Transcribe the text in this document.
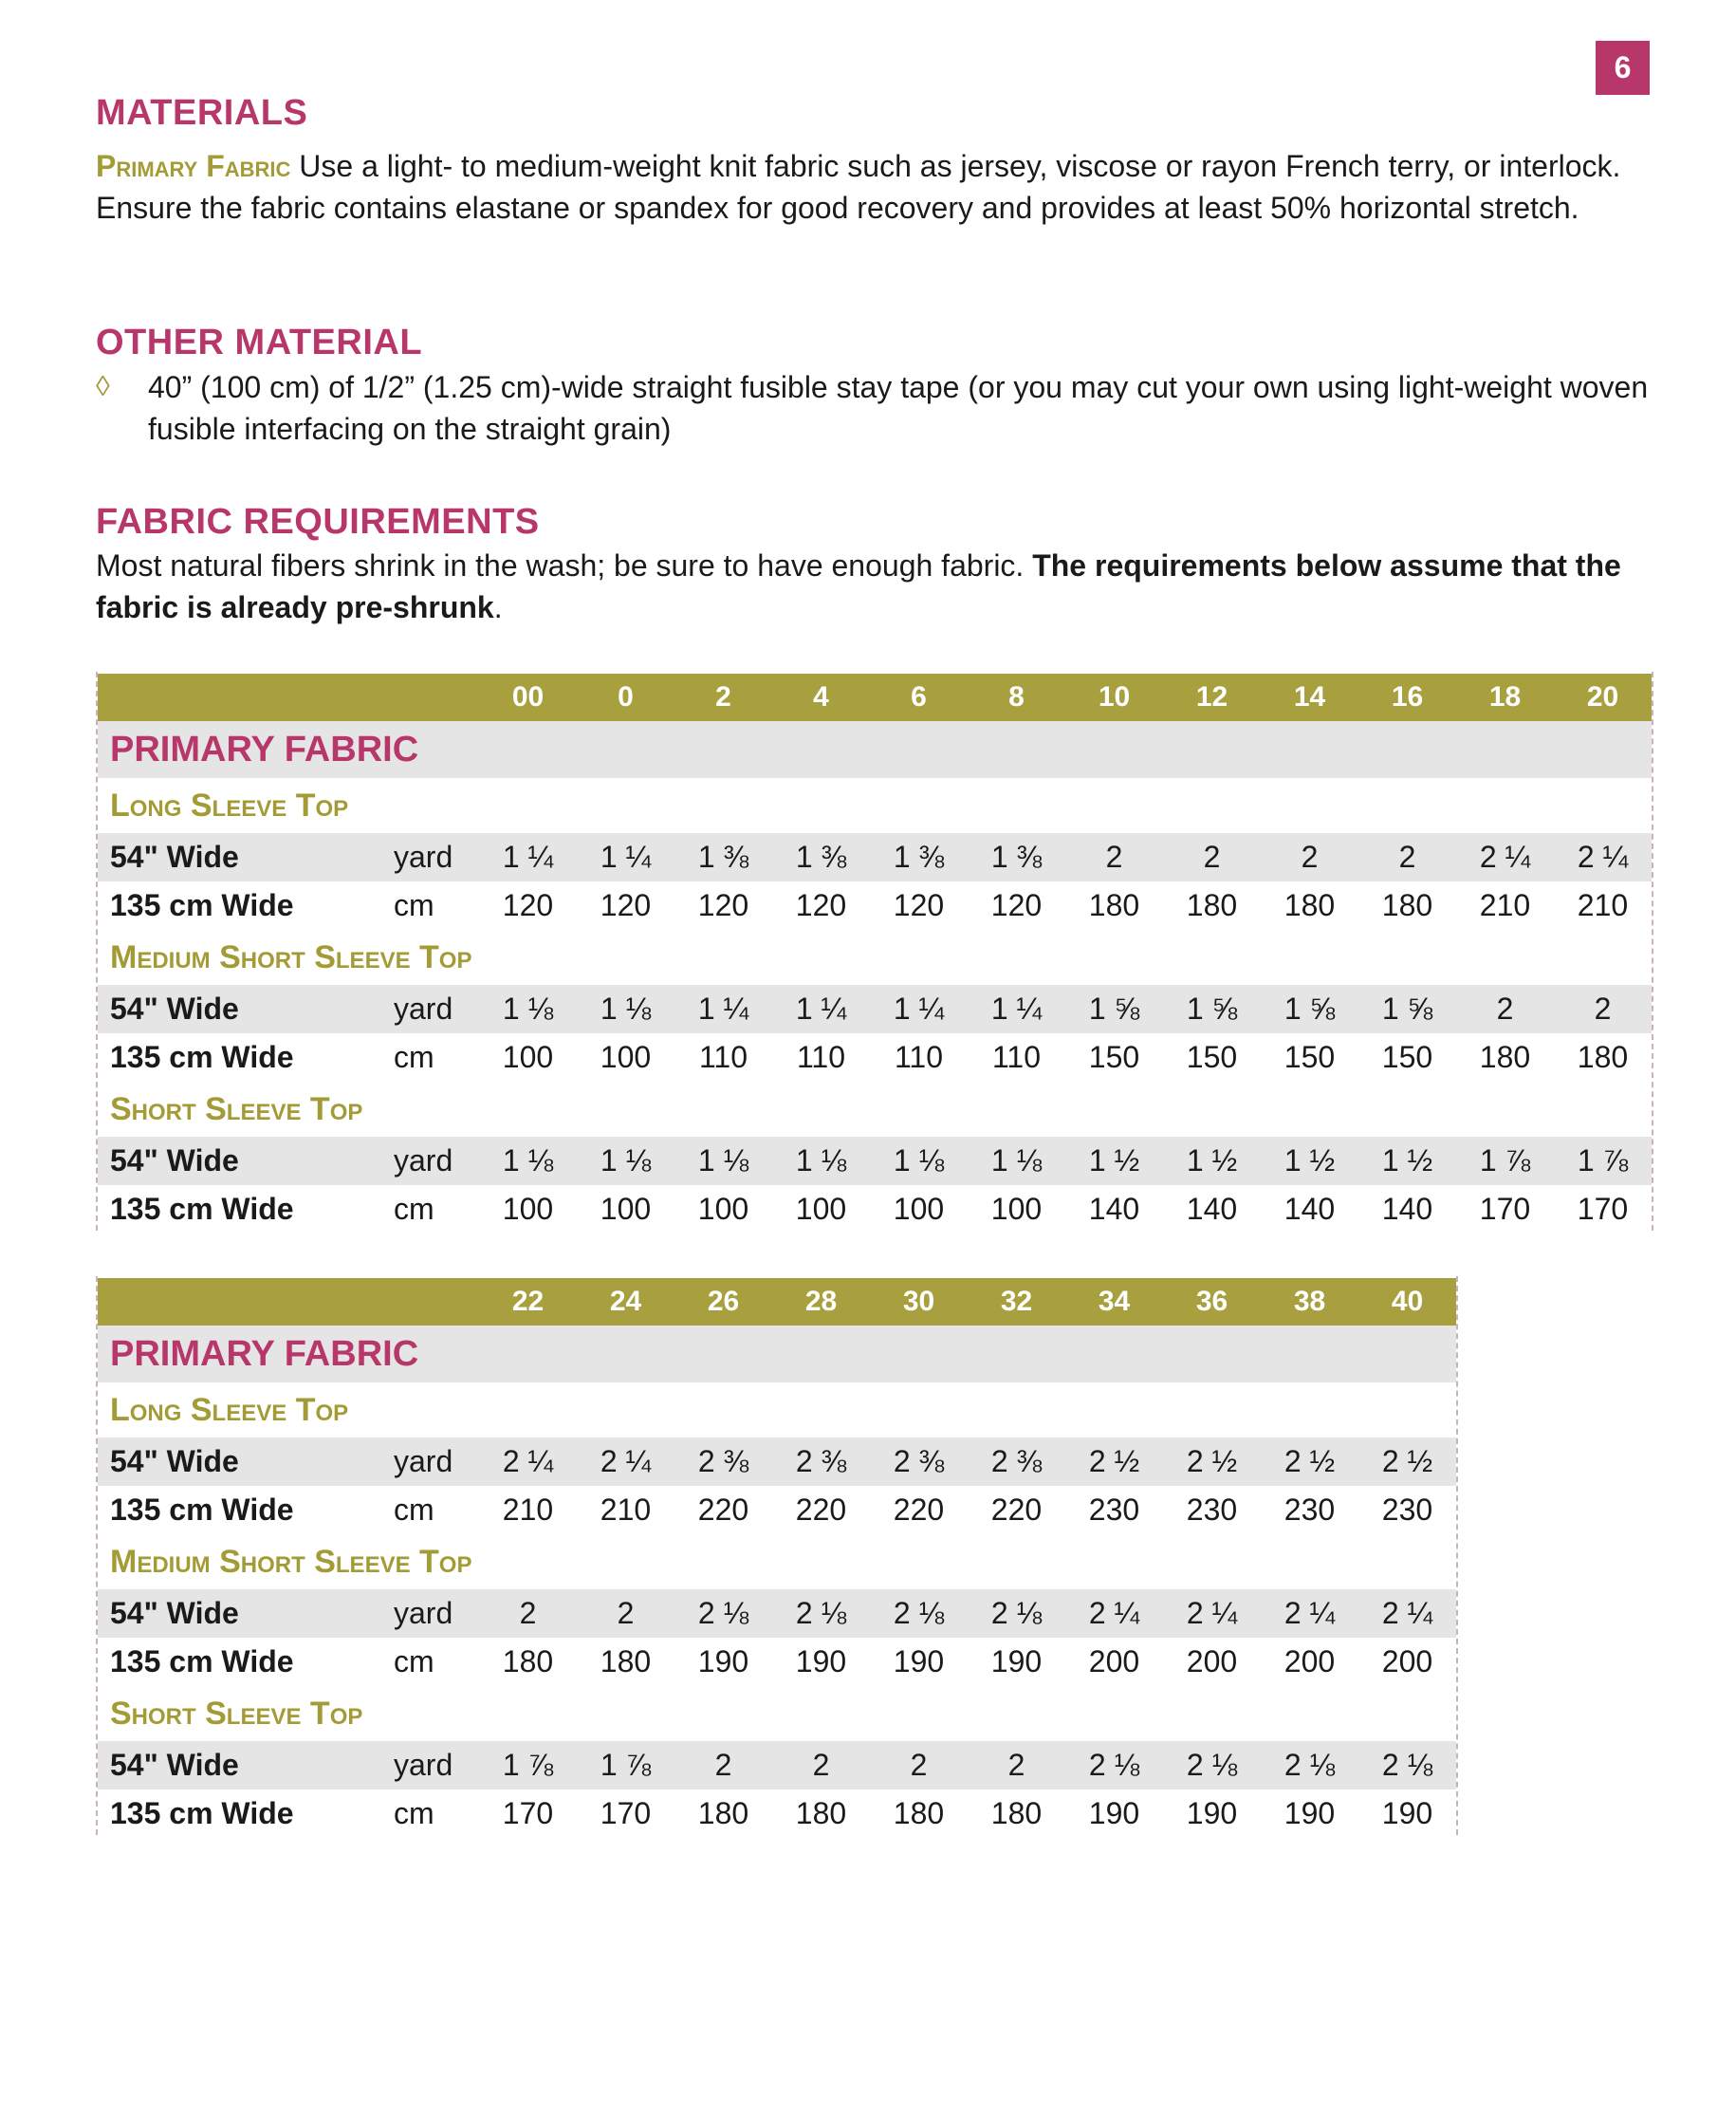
6
MATERIALS

Primary Fabric Use a light- to medium-weight knit fabric such as jersey, viscose or rayon French terry, or interlock. Ensure the fabric contains elastane or spandex for good recovery and provides at least 50% horizontal stretch.

OTHER MATERIAL
◊ 40” (100 cm) of 1/2” (1.25 cm)-wide straight fusible stay tape (or you may cut your own using light-weight woven fusible interfacing on the straight grain)
FABRIC REQUIREMENTS

Most natural fibers shrink in the wash; be sure to have enough fabric. The requirements below assume that the fabric is already pre-shrunk.

		00	0	2	4	6	8	10	12	14	16	18	20
PRIMARY FABRIC													
Long Sleeve Top													
54" Wide	yard	1 ¼	1 ¼	1 ⅜	1 ⅜	1 ⅜	1 ⅜	2	2	2	2	2 ¼	2 ¼
135 cm Wide	cm	120	120	120	120	120	120	180	180	180	180	210	210
Medium Short Sleeve Top													
54" Wide	yard	1 ⅛	1 ⅛	1 ¼	1 ¼	1 ¼	1 ¼	1 ⅝	1 ⅝	1 ⅝	1 ⅝	2	2
135 cm Wide	cm	100	100	110	110	110	110	150	150	150	150	180	180
Short Sleeve Top													
54" Wide	yard	1 ⅛	1 ⅛	1 ⅛	1 ⅛	1 ⅛	1 ⅛	1 ½	1 ½	1 ½	1 ½	1 ⅞	1 ⅞
135 cm Wide	cm	100	100	100	100	100	100	140	140	140	140	170	170
		22	24	26	28	30	32	34	36	38	40
PRIMARY FABRIC											
Long Sleeve Top											
54" Wide	yard	2 ¼	2 ¼	2 ⅜	2 ⅜	2 ⅜	2 ⅜	2 ½	2 ½	2 ½	2 ½
135 cm Wide	cm	210	210	220	220	220	220	230	230	230	230
Medium Short Sleeve Top											
54" Wide	yard	2	2	2 ⅛	2 ⅛	2 ⅛	2 ⅛	2 ¼	2 ¼	2 ¼	2 ¼
135 cm Wide	cm	180	180	190	190	190	190	200	200	200	200
Short Sleeve Top											
54" Wide	yard	1 ⅞	1 ⅞	2	2	2	2	2 ⅛	2 ⅛	2 ⅛	2 ⅛
135 cm Wide	cm	170	170	180	180	180	180	190	190	190	190
